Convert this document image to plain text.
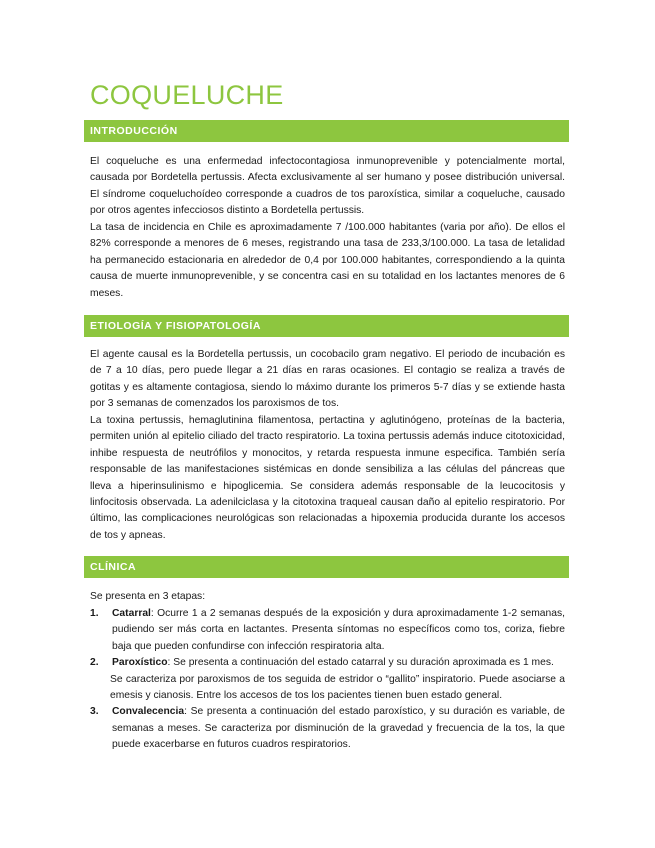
COQUELUCHE
INTRODUCCIÓN

El coqueluche es una enfermedad infectocontagiosa inmunoprevenible y potencialmente mortal, causada por Bordetella pertussis. Afecta exclusivamente al ser humano y posee distribución universal. El síndrome coqueluchoídeo corresponde a cuadros de tos paroxística, similar a coqueluche, causado por otros agentes infecciosos distinto a Bordetella pertussis.

La tasa de incidencia en Chile es aproximadamente 7 /100.000 habitantes (varia por año). De ellos el 82% corresponde a menores de 6 meses, registrando una tasa de 233,3/100.000. La tasa de letalidad ha permanecido estacionaria en alrededor de 0,4 por 100.000 habitantes, correspondiendo a la quinta causa de muerte inmunoprevenible, y se concentra casi en su totalidad en los lactantes menores de 6 meses.

ETIOLOGÍA Y FISIOPATOLOGÍA

El agente causal es la Bordetella pertussis, un cocobacilo gram negativo. El periodo de incubación es de 7 a 10 días, pero puede llegar a 21 días en raras ocasiones. El contagio se realiza a través de gotitas y es altamente contagiosa, siendo lo máximo durante los primeros 5-7 días y se extiende hasta por 3 semanas de comenzados los paroxismos de tos.

La toxina pertussis, hemaglutinina filamentosa, pertactina y aglutinógeno, proteínas de la bacteria, permiten unión al epitelio ciliado del tracto respiratorio. La toxina pertussis además induce citotoxicidad, inhibe respuesta de neutrófilos y monocitos, y retarda respuesta inmune especifica. También sería responsable de las manifestaciones sistémicas en donde sensibiliza a las células del páncreas que lleva a hiperinsulinismo e hipoglicemia. Se considera además responsable de la leucocitosis y linfocitosis observada. La adenilciclasa y la citotoxina traqueal causan daño al epitelio respiratorio. Por último, las complicaciones neurológicas son relacionadas a hipoxemia producida durante los accesos de tos y apneas.

CLÍNICA

Se presenta en 3 etapas:

1. Catarral: Ocurre 1 a 2 semanas después de la exposición y dura aproximadamente 1-2 semanas, pudiendo ser más corta en lactantes. Presenta síntomas no específicos como tos, coriza, fiebre baja que pueden confundirse con infección respiratoria alta.
2. Paroxístico: Se presenta a continuación del estado catarral y su duración aproximada es 1 mes.
Se caracteriza por paroxismos de tos seguida de estridor o “gallito” inspiratorio. Puede asociarse a emesis y cianosis. Entre los accesos de tos los pacientes tienen buen estado general.
3. Convalecencia: Se presenta a continuación del estado paroxístico, y su duración es variable, de semanas a meses. Se caracteriza por disminución de la gravedad y frecuencia de la tos, la que puede exacerbarse en futuros cuadros respiratorios.
